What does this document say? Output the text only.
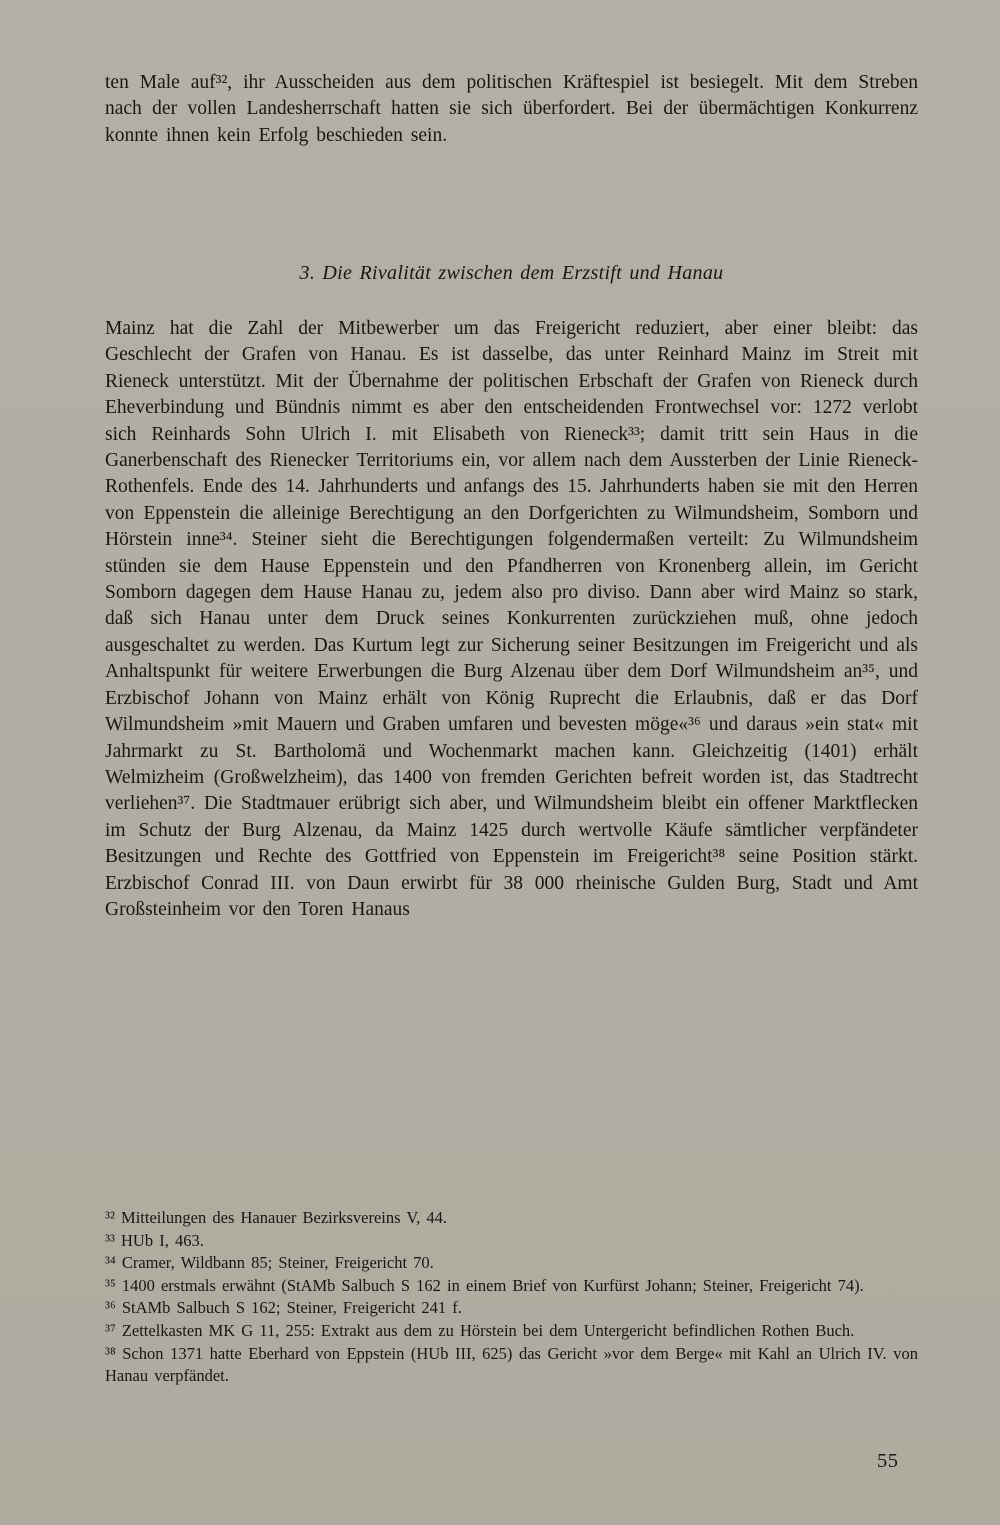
ten Male auf³², ihr Ausscheiden aus dem politischen Kräftespiel ist besiegelt. Mit dem Streben nach der vollen Landesherrschaft hatten sie sich überfordert. Bei der übermächtigen Konkurrenz konnte ihnen kein Erfolg beschieden sein.

3. Die Rivalität zwischen dem Erzstift und Hanau

Mainz hat die Zahl der Mitbewerber um das Freigericht reduziert, aber einer bleibt: das Geschlecht der Grafen von Hanau. Es ist dasselbe, das unter Reinhard Mainz im Streit mit Rieneck unterstützt. Mit der Übernahme der politischen Erbschaft der Grafen von Rieneck durch Eheverbindung und Bündnis nimmt es aber den entscheidenden Frontwechsel vor: 1272 verlobt sich Reinhards Sohn Ulrich I. mit Elisabeth von Rieneck³³; damit tritt sein Haus in die Ganerbenschaft des Rienecker Territoriums ein, vor allem nach dem Aussterben der Linie Rieneck-Rothenfels. Ende des 14. Jahrhunderts und anfangs des 15. Jahrhunderts haben sie mit den Herren von Eppenstein die alleinige Berechtigung an den Dorfgerichten zu Wilmundsheim, Somborn und Hörstein inne³⁴. Steiner sieht die Berechtigungen folgendermaßen verteilt: Zu Wilmundsheim stünden sie dem Hause Eppenstein und den Pfandherren von Kronenberg allein, im Gericht Somborn dagegen dem Hause Hanau zu, jedem also pro diviso. Dann aber wird Mainz so stark, daß sich Hanau unter dem Druck seines Konkurrenten zurückziehen muß, ohne jedoch ausgeschaltet zu werden. Das Kurtum legt zur Sicherung seiner Besitzungen im Freigericht und als Anhaltspunkt für weitere Erwerbungen die Burg Alzenau über dem Dorf Wilmundsheim an³⁵, und Erzbischof Johann von Mainz erhält von König Ruprecht die Erlaubnis, daß er das Dorf Wilmundsheim »mit Mauern und Graben umfaren und bevesten möge«³⁶ und daraus »ein stat« mit Jahrmarkt zu St. Bartholomä und Wochenmarkt machen kann. Gleichzeitig (1401) erhält Welmizheim (Großwelzheim), das 1400 von fremden Gerichten befreit worden ist, das Stadtrecht verliehen³⁷. Die Stadtmauer erübrigt sich aber, und Wilmundsheim bleibt ein offener Marktflecken im Schutz der Burg Alzenau, da Mainz 1425 durch wertvolle Käufe sämtlicher verpfändeter Besitzungen und Rechte des Gottfried von Eppenstein im Freigericht³⁸ seine Position stärkt. Erzbischof Conrad III. von Daun erwirbt für 38 000 rheinische Gulden Burg, Stadt und Amt Großsteinheim vor den Toren Hanaus

³² Mitteilungen des Hanauer Bezirksvereins V, 44.

³³ HUb I, 463.

³⁴ Cramer, Wildbann 85; Steiner, Freigericht 70.

³⁵ 1400 erstmals erwähnt (StAMb Salbuch S 162 in einem Brief von Kurfürst Johann; Steiner, Freigericht 74).

³⁶ StAMb Salbuch S 162; Steiner, Freigericht 241 f.

³⁷ Zettelkasten MK G 11, 255: Extrakt aus dem zu Hörstein bei dem Untergericht befindlichen Rothen Buch.

³⁸ Schon 1371 hatte Eberhard von Eppstein (HUb III, 625) das Gericht »vor dem Berge« mit Kahl an Ulrich IV. von Hanau verpfändet.

55
